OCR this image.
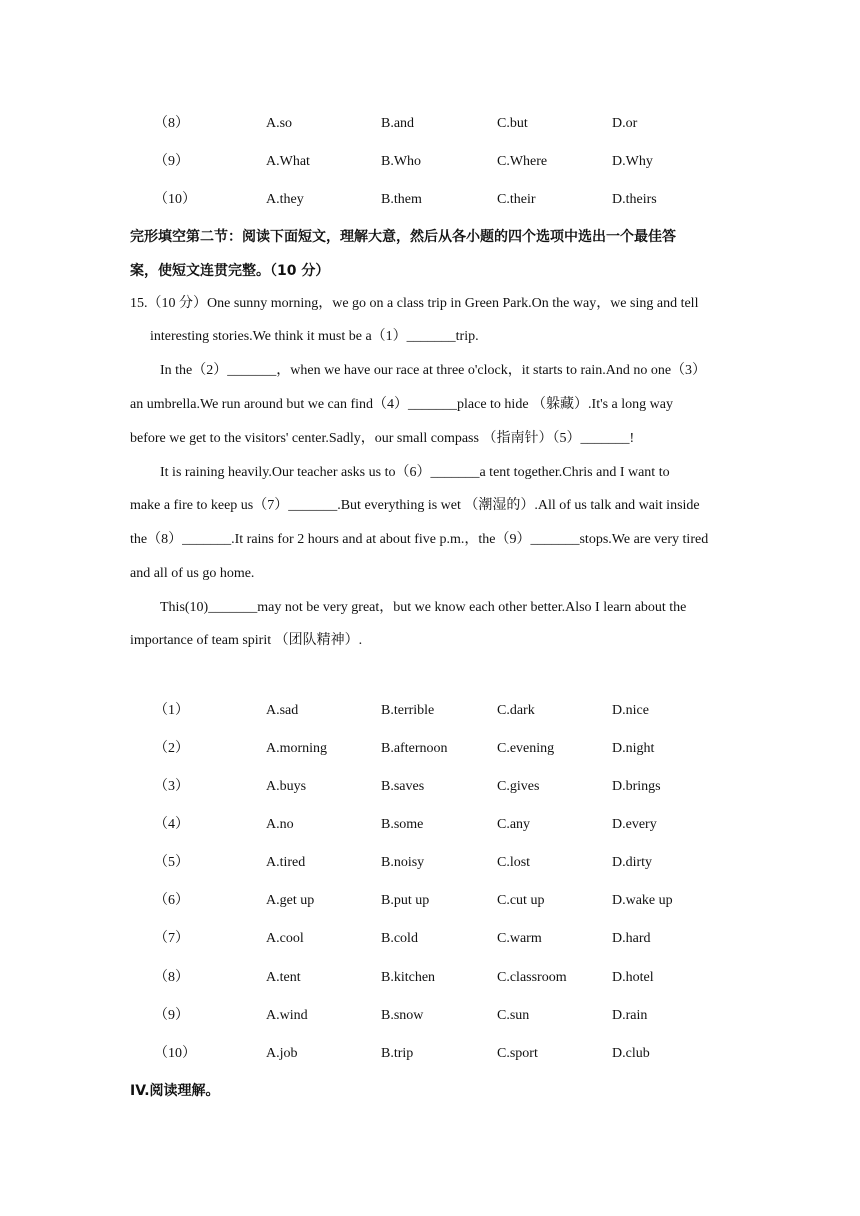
（8）	A.so	B.and	C.but	D.or
（9）	A.What	B.Who	C.Where	D.Why
（10）	A.they	B.them	C.their	D.theirs
完形填空第二节：阅读下面短文，理解大意，然后从各小题的四个选项中选出一个最佳答
案，使短文连贯完整。（10 分）
15.（10 分）One sunny morning，we go on a class trip in Green Park.On the way，we sing and tell
interesting stories.We think it must be a（1）_______trip.
In the（2）_______，when we have our race at three o'clock，it starts to rain.And no one（3）
an umbrella.We run around but we can find（4）_______place to hide （躲藏）.It's a long way
before we get to the visitors' center.Sadly，our small compass （指南针）（5）_______!
It is raining heavily.Our teacher asks us to（6）_______a tent together.Chris and I want to
make a fire to keep us（7）_______.But everything is wet （潮湿的）.All of us talk and wait inside
the（8）_______.It rains for 2 hours and at about five p.m.，the（9）_______stops.We are very tired
and all of us go home.
This(10)_______may not be very great，but we know each other better.Also I learn about the
importance of team spirit （团队精神）.
（1）	A.sad	B.terrible	C.dark	D.nice
（2）	A.morning	B.afternoon	C.evening	D.night
（3）	A.buys	B.saves	C.gives	D.brings
（4）	A.no	B.some	C.any	D.every
（5）	A.tired	B.noisy	C.lost	D.dirty
（6）	A.get up	B.put up	C.cut up	D.wake up
（7）	A.cool	B.cold	C.warm	D.hard
（8）	A.tent	B.kitchen	C.classroom	D.hotel
（9）	A.wind	B.snow	C.sun	D.rain
（10）	A.job	B.trip	C.sport	D.club
IV.阅读理解。
